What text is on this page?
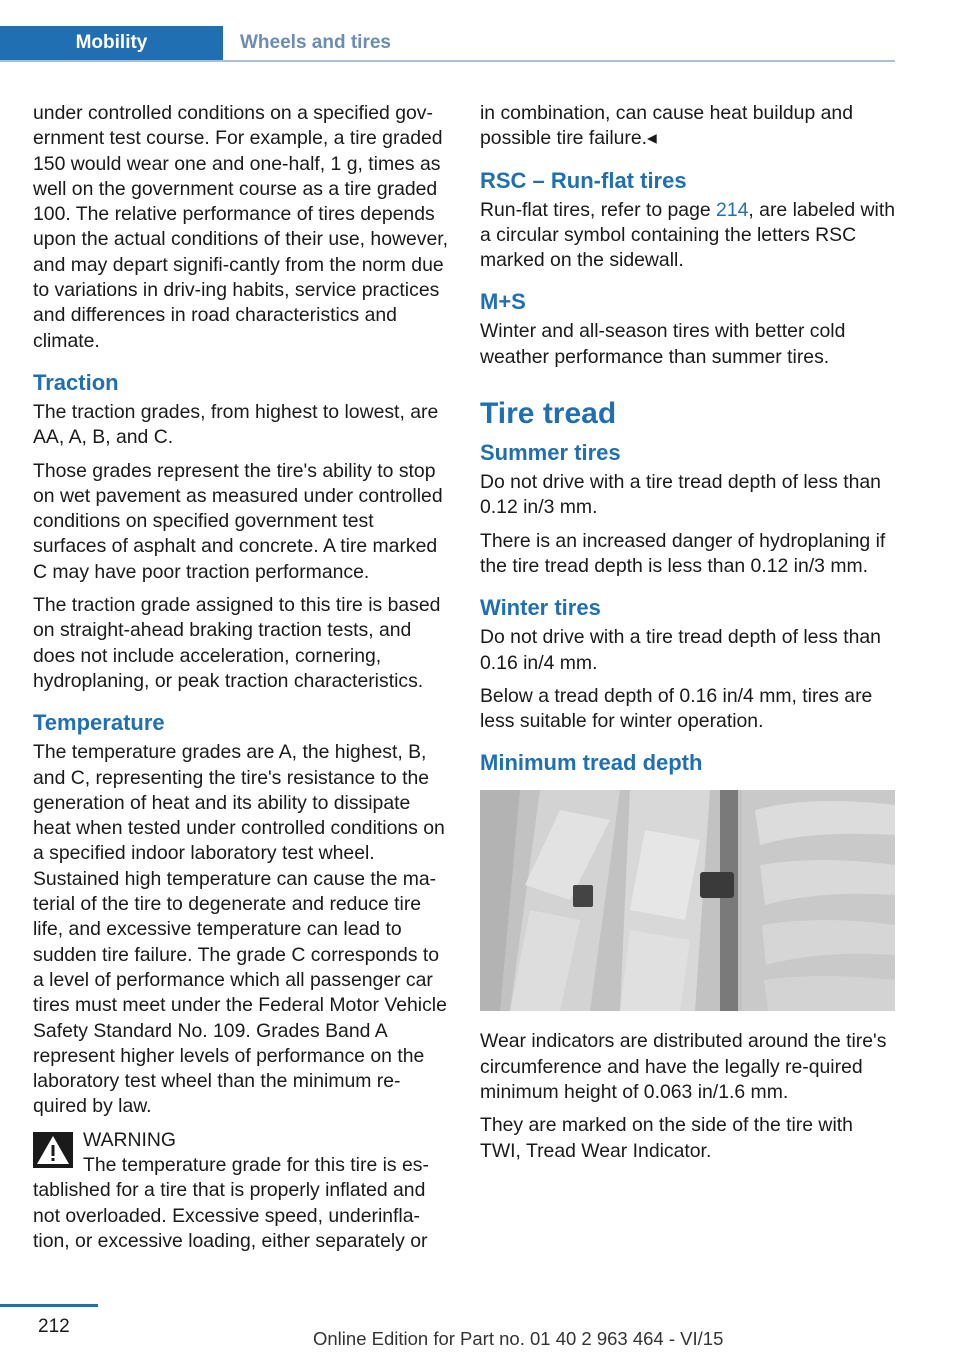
Mobility	Wheels and tires

under controlled conditions on a specified gov-ernment test course. For example, a tire graded 150 would wear one and one-half, 1 g, times as well on the government course as a tire graded 100. The relative performance of tires depends upon the actual conditions of their use, however, and may depart signifi-cantly from the norm due to variations in driv-ing habits, service practices and differences in road characteristics and climate.

Traction

The traction grades, from highest to lowest, are AA, A, B, and C.

Those grades represent the tire's ability to stop on wet pavement as measured under controlled conditions on specified government test surfaces of asphalt and concrete. A tire marked C may have poor traction performance.

The traction grade assigned to this tire is based on straight-ahead braking traction tests, and does not include acceleration, cornering, hydroplaning, or peak traction characteristics.

Temperature

The temperature grades are A, the highest, B, and C, representing the tire's resistance to the generation of heat and its ability to dissipate heat when tested under controlled conditions on a specified indoor laboratory test wheel. Sustained high temperature can cause the ma-terial of the tire to degenerate and reduce tire life, and excessive temperature can lead to sudden tire failure. The grade C corresponds to a level of performance which all passenger car tires must meet under the Federal Motor Vehicle Safety Standard No. 109. Grades Band A represent higher levels of performance on the laboratory test wheel than the minimum re-quired by law.

WARNING

The temperature grade for this tire is es-tablished for a tire that is properly inflated and not overloaded. Excessive speed, underinfla-tion, or excessive loading, either separately or

in combination, can cause heat buildup and possible tire failure.◂

RSC – Run-flat tires

Run-flat tires, refer to page 214, are labeled with a circular symbol containing the letters RSC marked on the sidewall.

M+S

Winter and all-season tires with better cold weather performance than summer tires.

Tire tread
Summer tires

Do not drive with a tire tread depth of less than 0.12 in/3 mm.

There is an increased danger of hydroplaning if the tire tread depth is less than 0.12 in/3 mm.

Winter tires

Do not drive with a tire tread depth of less than 0.16 in/4 mm.

Below a tread depth of 0.16 in/4 mm, tires are less suitable for winter operation.

Minimum tread depth

Wear indicators are distributed around the tire's circumference and have the legally re-quired minimum height of 0.063 in/1.6 mm.

They are marked on the side of the tire with TWI, Tread Wear Indicator.

212
Online Edition for Part no. 01 40 2 963 464 - VI/15
